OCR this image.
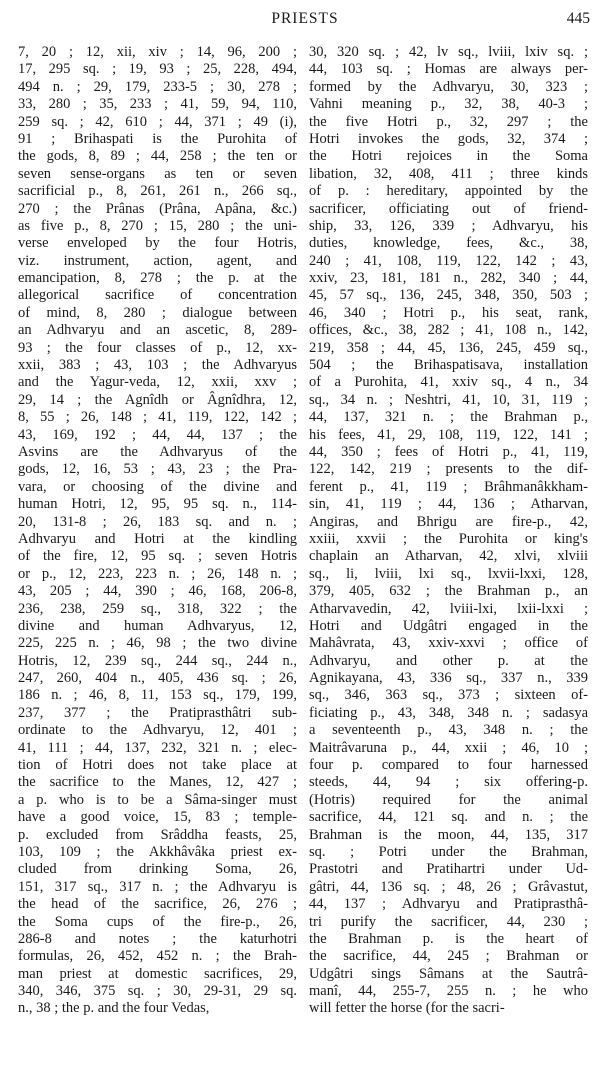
PRIESTS	445
7, 20 ; 12, xii, xiv ; 14, 96, 200 ;
17, 295 sq. ; 19, 93 ; 25, 228, 494,
494 n. ; 29, 179, 233-5 ; 30, 278 ;
33, 280 ; 35, 233 ; 41, 59, 94, 110,
259 sq. ; 42, 610 ; 44, 371 ; 49 (i),
91 ; Brihaspati is the Purohita of
the gods, 8, 89 ; 44, 258 ; the ten or
seven sense-organs as ten or seven
sacrificial p., 8, 261, 261 n., 266 sq.,
270 ; the Prânas (Prâna, Apâna, &c.)
as five p., 8, 270 ; 15, 280 ; the uni-
verse enveloped by the four Hotris,
viz. instrument, action, agent, and
emancipation, 8, 278 ; the p. at the
allegorical sacrifice of concentration
of mind, 8, 280 ; dialogue between
an Adhvaryu and an ascetic, 8, 289-
93 ; the four classes of p., 12, xx-
xxii, 383 ; 43, 103 ; the Adhvaryus
and the Yagur-veda, 12, xxii, xxv ;
29, 14 ; the Agnîdh or Âgnîdhra, 12,
8, 55 ; 26, 148 ; 41, 119, 122, 142 ;
43, 169, 192 ; 44, 44, 137 ; the
Asvins are the Adhvaryus of the
gods, 12, 16, 53 ; 43, 23 ; the Pra-
vara, or choosing of the divine and
human Hotri, 12, 95, 95 sq. n., 114-
20, 131-8 ; 26, 183 sq. and n. ;
Adhvaryu and Hotri at the kindling
of the fire, 12, 95 sq. ; seven Hotris
or p., 12, 223, 223 n. ; 26, 148 n. ;
43, 205 ; 44, 390 ; 46, 168, 206-8,
236, 238, 259 sq., 318, 322 ; the
divine and human Adhvaryus, 12,
225, 225 n. ; 46, 98 ; the two divine
Hotris, 12, 239 sq., 244 sq., 244 n.,
247, 260, 404 n., 405, 436 sq. ; 26,
186 n. ; 46, 8, 11, 153 sq., 179, 199,
237, 377 ; the Pratiprasthâtri sub-
ordinate to the Adhvaryu, 12, 401 ;
41, 111 ; 44, 137, 232, 321 n. ; elec-
tion of Hotri does not take place at
the sacrifice to the Manes, 12, 427 ;
a p. who is to be a Sâma-singer must
have a good voice, 15, 83 ; temple-
p. excluded from Srâddha feasts, 25,
103, 109 ; the Akkhâvâka priest ex-
cluded from drinking Soma, 26,
151, 317 sq., 317 n. ; the Adhvaryu is
the head of the sacrifice, 26, 276 ;
the Soma cups of the fire-p., 26,
286-8 and notes ; the katurhotri
formulas, 26, 452, 452 n. ; the Brah-
man priest at domestic sacrifices, 29,
340, 346, 375 sq. ; 30, 29-31, 29 sq.
n., 38 ; the p. and the four Vedas,
30, 320 sq. ; 42, lv sq., lviii, lxiv sq. ;
44, 103 sq. ; Homas are always per-
formed by the Adhvaryu, 30, 323 ;
Vahni meaning p., 32, 38, 40-3 ;
the five Hotri p., 32, 297 ; the
Hotri invokes the gods, 32, 374 ;
the Hotri rejoices in the Soma
libation, 32, 408, 411 ; three kinds
of p. : hereditary, appointed by the
sacrificer, officiating out of friend-
ship, 33, 126, 339 ; Adhvaryu, his
duties, knowledge, fees, &c., 38,
240 ; 41, 108, 119, 122, 142 ; 43,
xxiv, 23, 181, 181 n., 282, 340 ; 44,
45, 57 sq., 136, 245, 348, 350, 503 ;
46, 340 ; Hotri p., his seat, rank,
offices, &c., 38, 282 ; 41, 108 n., 142,
219, 358 ; 44, 45, 136, 245, 459 sq.,
504 ; the Brihaspatisava, installation
of a Purohita, 41, xxiv sq., 4 n., 34
sq., 34 n. ; Neshtri, 41, 10, 31, 119 ;
44, 137, 321 n. ; the Brahman p.,
his fees, 41, 29, 108, 119, 122, 141 ;
44, 350 ; fees of Hotri p., 41, 119,
122, 142, 219 ; presents to the dif-
ferent p., 41, 119 ; Brâhmanâkkham-
sin, 41, 119 ; 44, 136 ; Atharvan,
Angiras, and Bhrigu are fire-p., 42,
xxiii, xxvii ; the Purohita or king's
chaplain an Atharvan, 42, xlvi, xlviii
sq., li, lviii, lxi sq., lxvii-lxxi, 128,
379, 405, 632 ; the Brahman p., an
Atharvavedin, 42, lviii-lxi, lxii-lxxi ;
Hotri and Udgâtri engaged in the
Mahâvrata, 43, xxiv-xxvi ; office of
Adhvaryu, and other p. at the
Agnikayana, 43, 336 sq., 337 n., 339
sq., 346, 363 sq., 373 ; sixteen of-
ficiating p., 43, 348, 348 n. ; sadasya
a seventeenth p., 43, 348 n. ; the
Maitrâvaruna p., 44, xxii ; 46, 10 ;
four p. compared to four harnessed
steeds, 44, 94 ; six offering-p.
(Hotris) required for the animal
sacrifice, 44, 121 sq. and n. ; the
Brahman is the moon, 44, 135, 317
sq. ; Potri under the Brahman,
Prastotri and Pratihartri under Ud-
gâtri, 44, 136 sq. ; 48, 26 ; Grâvastut,
44, 137 ; Adhvaryu and Pratiprasthâ-
tri purify the sacrificer, 44, 230 ;
the Brahman p. is the heart of
the sacrifice, 44, 245 ; Brahman or
Udgâtri sings Sâmans at the Sautrâ-
manî, 44, 255-7, 255 n. ; he who
will fetter the horse (for the sacri-
